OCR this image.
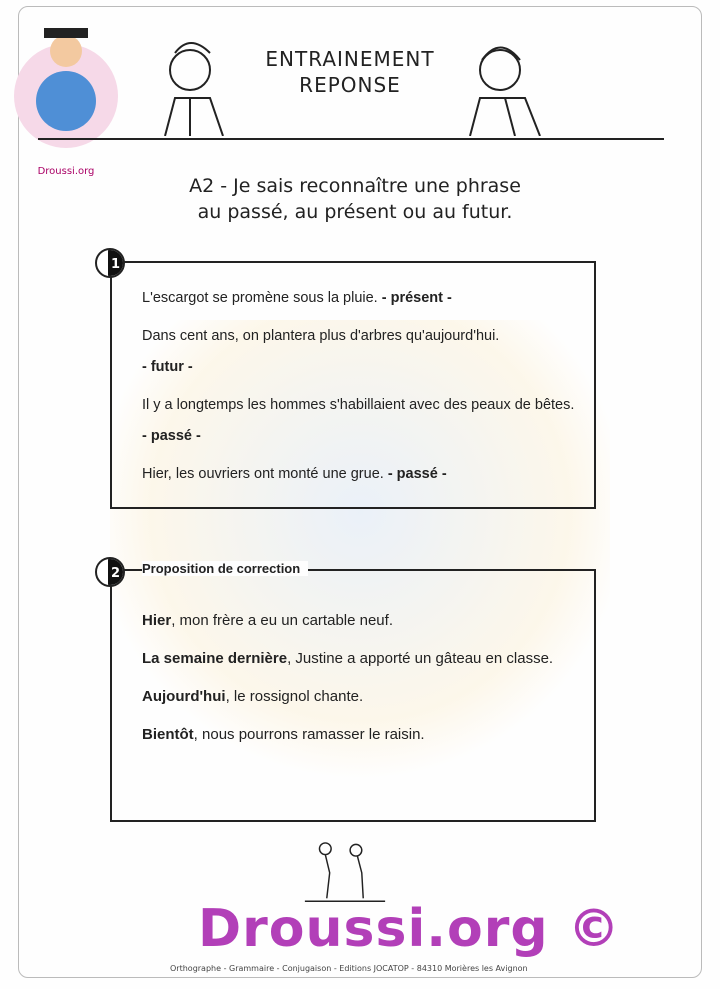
Droussi.org
ENTRAINEMENT
REPONSE
A2 - Je sais reconnaître une phrase
au passé, au présent ou au futur.
L'escargot se promène sous la pluie. - présent -
Dans cent ans, on plantera plus d'arbres qu'aujourd'hui.
- futur -
Il y a longtemps les hommes s'habillaient avec des peaux de bêtes. - passé -
Hier, les ouvriers ont monté une grue. - passé -
1
Hier, mon frère a eu un cartable neuf.
La semaine dernière, Justine a apporté un gâteau en classe.
Aujourd'hui, le rossignol chante.
Bientôt, nous pourrons ramasser le raisin.
2 Proposition de correction
Droussi.org ©
Orthographe - Grammaire - Conjugaison - Editions JOCATOP - 84310 Morières les Avignon
